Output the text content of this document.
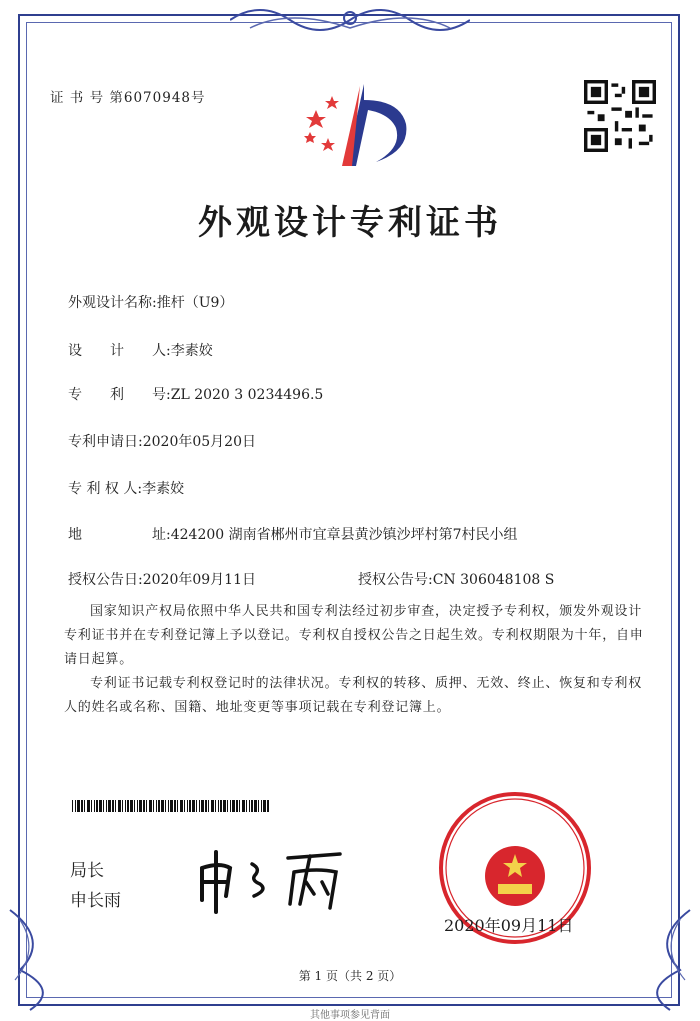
证 书 号 第6070948号
外观设计专利证书
外观设计名称:推杆（U9）
设　　计　　人:李素姣
专　　利　　号:ZL 2020 3 0234496.5
专利申请日:2020年05月20日
专 利 权 人:李素姣
地　　　　　址:424200 湖南省郴州市宜章县黄沙镇沙坪村第7村民小组
授权公告日:2020年09月11日	授权公告号:CN 306048108 S
国家知识产权局依照中华人民共和国专利法经过初步审查，决定授予专利权，颁发外观设计专利证书并在专利登记簿上予以登记。专利权自授权公告之日起生效。专利权期限为十年，自申请日起算。
专利证书记载专利权登记时的法律状况。专利权的转移、质押、无效、终止、恢复和专利权人的姓名或名称、国籍、地址变更等事项记载在专利登记簿上。
局长
申长雨
2020年09月11日
第 1 页（共 2 页）
其他事项参见背面
